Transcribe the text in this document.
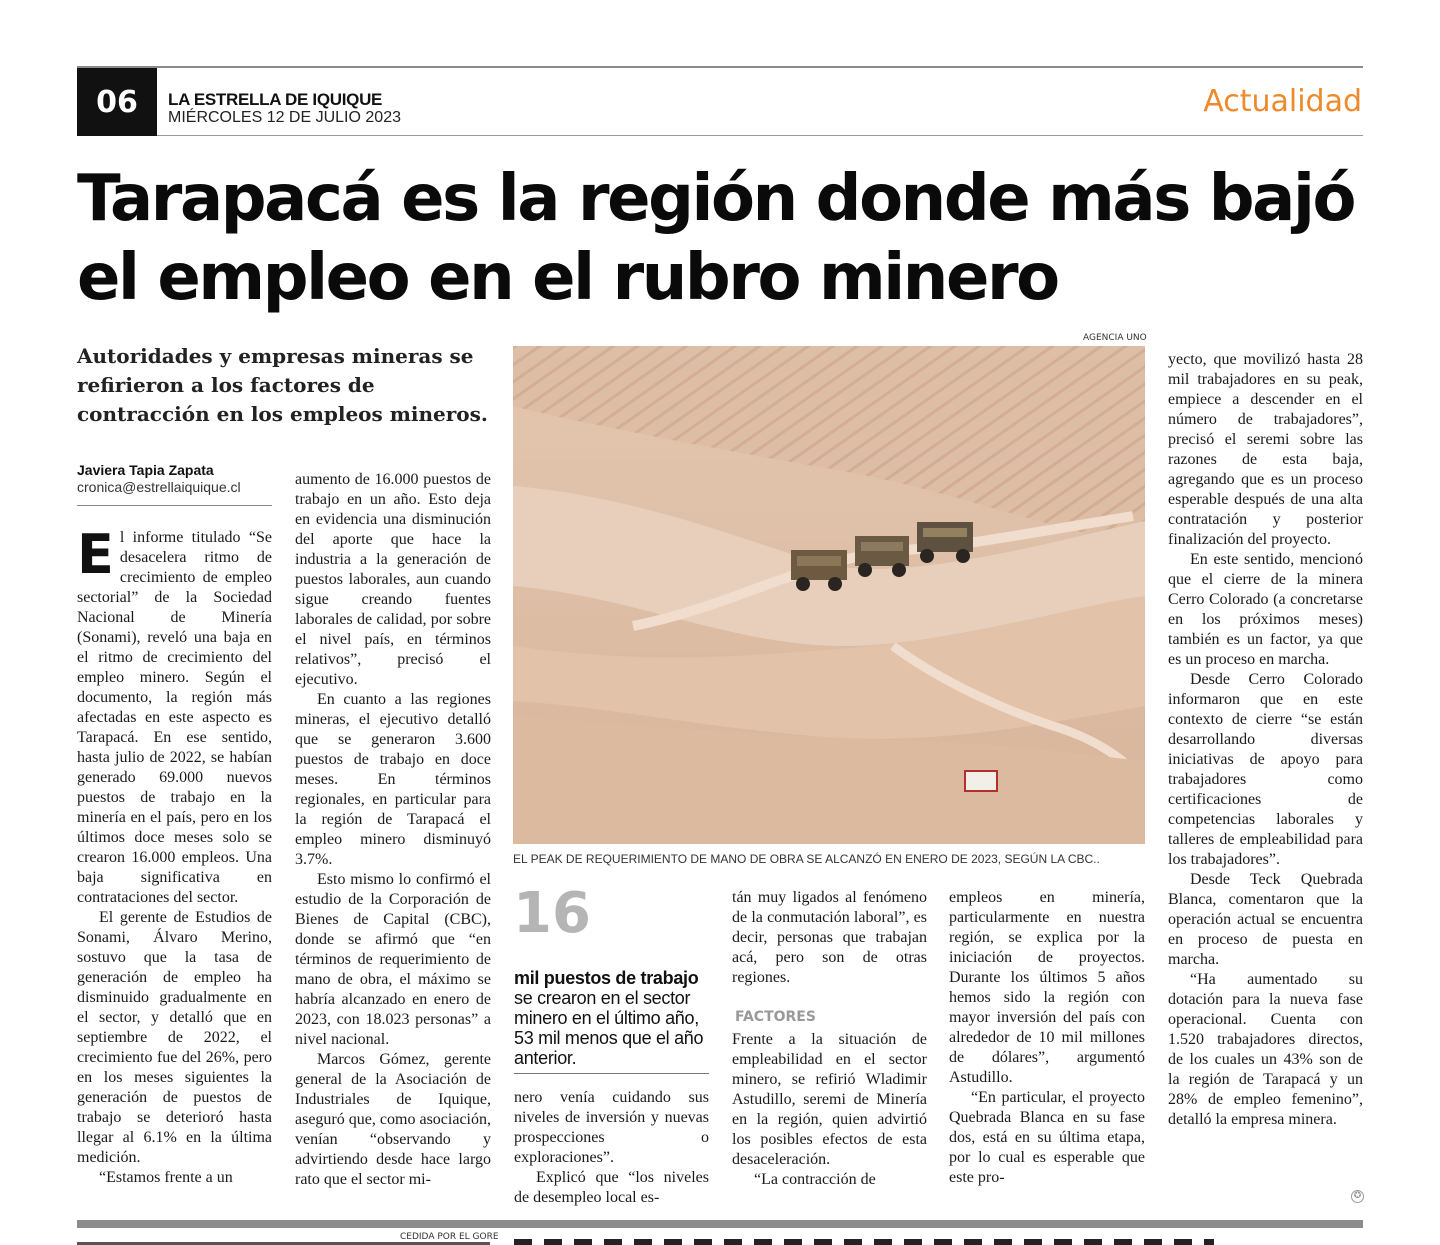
06	LA ESTRELLA DE IQUIQUE
MIÉRCOLES 12 DE JULIO 2023	Actualidad
Tarapacá es la región donde más bajó
el empleo en el rubro minero

Autoridades y empresas mineras se refirieron a los factores de contracción en los empleos mineros.

Javiera Tapia Zapata
cronica@estrellaiquique.cl

El informe titulado “Se desacelera ritmo de crecimiento de empleo sectorial” de la Sociedad Nacional de Minería (Sonami), reveló una baja en el ritmo de crecimiento del empleo minero. Según el documento, la región más afectadas en este aspecto es Tarapacá. En ese sentido, hasta julio de 2022, se habían generado 69.000 nuevos puestos de trabajo en la minería en el país, pero en los últimos doce meses solo se crearon 16.000 empleos. Una baja significativa en contrataciones del sector.

El gerente de Estudios de Sonami, Álvaro Merino, sostuvo que la tasa de generación de empleo ha disminuido gradualmente en el sector, y detalló que en septiembre de 2022, el crecimiento fue del 26%, pero en los meses siguientes la generación de puestos de trabajo se deterioró hasta llegar al 6.1% en la última medición.

“Estamos frente a un

aumento de 16.000 puestos de trabajo en un año. Esto deja en evidencia una disminución del aporte que hace la industria a la generación de puestos laborales, aun cuando sigue creando fuentes laborales de calidad, por sobre el nivel país, en términos relativos”, precisó el ejecutivo.

En cuanto a las regiones mineras, el ejecutivo detalló que se generaron 3.600 puestos de trabajo en doce meses. En términos regionales, en particular para la región de Tarapacá el empleo minero disminuyó 3.7%.

Esto mismo lo confirmó el estudio de la Corporación de Bienes de Capital (CBC), donde se afirmó que “en términos de requerimiento de mano de obra, el máximo se habría alcanzado en enero de 2023, con 18.023 personas” a nivel nacional.

Marcos Gómez, gerente general de la Asociación de Industriales de Iquique, aseguró que, como asociación, venían “observando y advirtiendo desde hace largo rato que el sector mi-

AGENCIA UNO
EL PEAK DE REQUERIMIENTO DE MANO DE OBRA SE ALCANZÓ EN ENERO DE 2023, SEGÚN LA CBC..
16
mil puestos de trabajo
se crearon en el sector minero en el último año, 53 mil menos que el año anterior.

nero venía cuidando sus niveles de inversión y nuevas prospecciones o exploraciones”.

Explicó que “los niveles de desempleo local es-

tán muy ligados al fenómeno de la conmutación laboral”, es decir, personas que trabajan acá, pero son de otras regiones.

FACTORES

Frente a la situación de empleabilidad en el sector minero, se refirió Wladimir Astudillo, seremi de Minería en la región, quien advirtió los posibles efectos de esta desaceleración.

“La contracción de

empleos en minería, particularmente en nuestra región, se explica por la iniciación de proyectos. Durante los últimos 5 años hemos sido la región con mayor inversión del país con alrededor de 10 mil millones de dólares”, argumentó Astudillo.

“En particular, el proyecto Quebrada Blanca en su fase dos, está en su última etapa, por lo cual es esperable que este pro-

yecto, que movilizó hasta 28 mil trabajadores en su peak, empiece a descender en el número de trabajadores”, precisó el seremi sobre las razones de esta baja, agregando que es un proceso esperable después de una alta contratación y posterior finalización del proyecto.

En este sentido, mencionó que el cierre de la minera Cerro Colorado (a concretarse en los próximos meses) también es un factor, ya que es un proceso en marcha.

Desde Cerro Colorado informaron que en este contexto de cierre “se están desarrollando diversas iniciativas de apoyo para trabajadores como certificaciones de competencias laborales y talleres de empleabilidad para los trabajadores”.

Desde Teck Quebrada Blanca, comentaron que la operación actual se encuentra en proceso de puesta en marcha.

“Ha aumentado su dotación para la nueva fase operacional. Cuenta con 1.520 trabajadores directos, de los cuales un 43% son de la región de Tarapacá y un 28% de empleo femenino”, detalló la empresa minera.

✪
CEDIDA POR EL GORE
